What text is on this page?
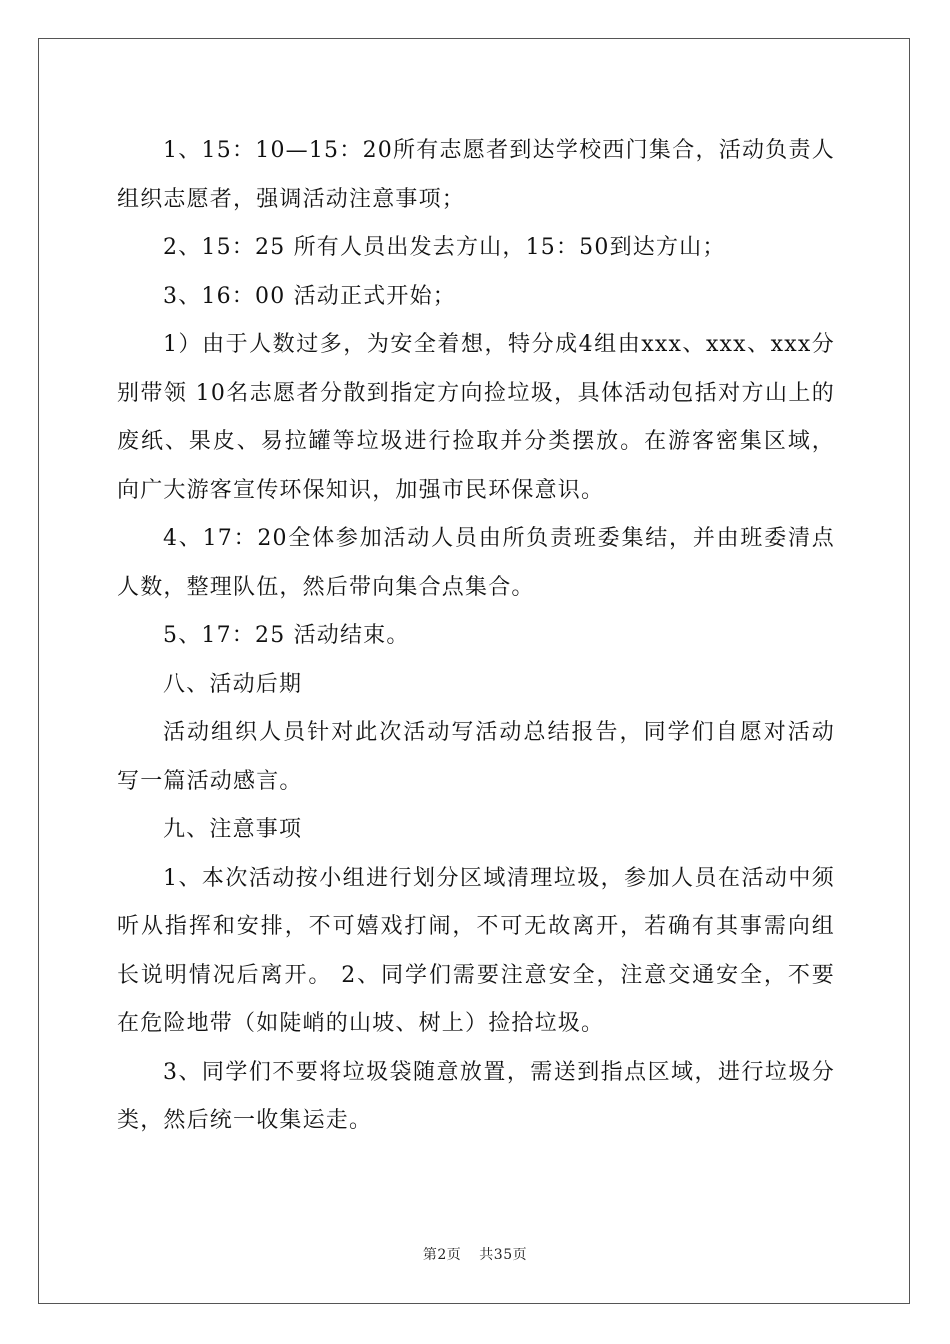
1、15：10—15：20所有志愿者到达学校西门集合，活动负责人组织志愿者，强调活动注意事项；

2、15：25 所有人员出发去方山，15：50到达方山；

3、16：00 活动正式开始；

1）由于人数过多，为安全着想，特分成4组由xxx、xxx、xxx分别带领 10名志愿者分散到指定方向捡垃圾，具体活动包括对方山上的废纸、果皮、易拉罐等垃圾进行捡取并分类摆放。在游客密集区域，向广大游客宣传环保知识，加强市民环保意识。

4、17：20全体参加活动人员由所负责班委集结，并由班委清点人数，整理队伍，然后带向集合点集合。

5、17：25 活动结束。

八、活动后期

活动组织人员针对此次活动写活动总结报告，同学们自愿对活动写一篇活动感言。

九、注意事项

1、本次活动按小组进行划分区域清理垃圾，参加人员在活动中须听从指挥和安排，不可嬉戏打闹，不可无故离开，若确有其事需向组长说明情况后离开。 2、同学们需要注意安全，注意交通安全，不要在危险地带（如陡峭的山坡、树上）捡拾垃圾。

3、同学们不要将垃圾袋随意放置，需送到指点区域，进行垃圾分类，然后统一收集运走。

第2页 共35页
